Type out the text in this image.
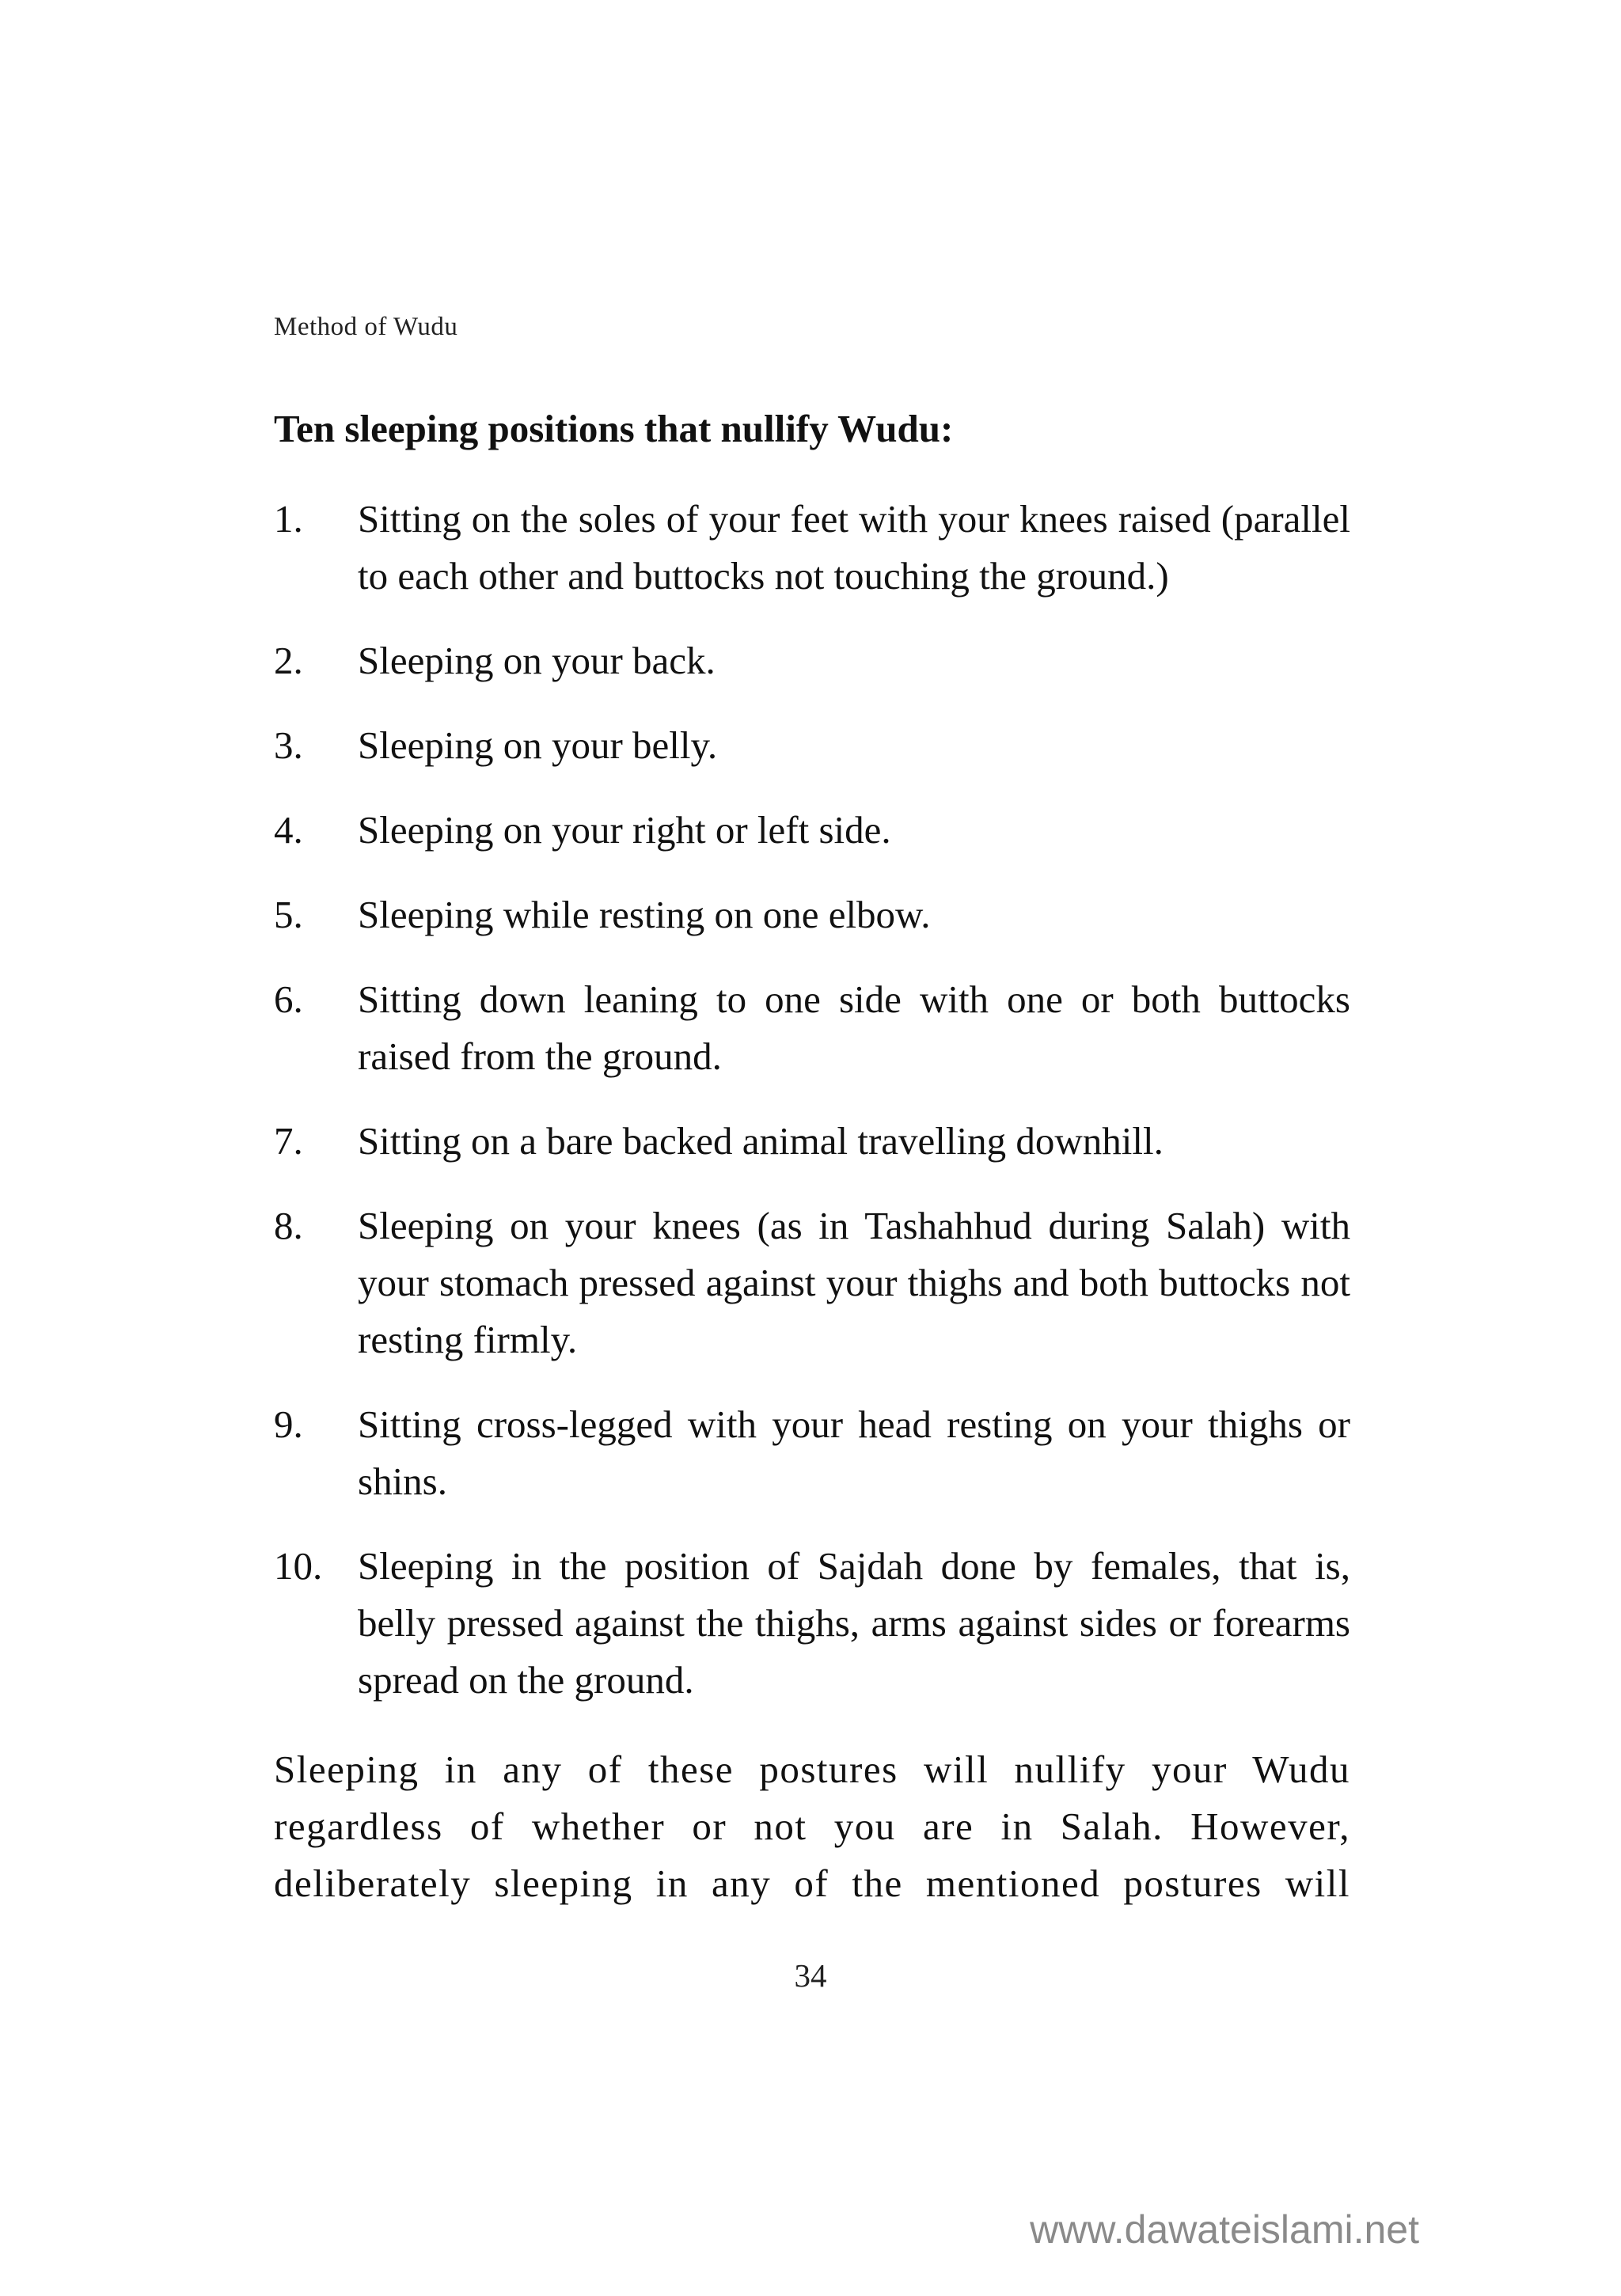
Method of Wudu
Ten sleeping positions that nullify Wudu:
1.	Sitting on the soles of your feet with your knees raised (parallel to each other and buttocks not touching the ground.)
2.	Sleeping on your back.
3.	Sleeping on your belly.
4.	Sleeping on your right or left side.
5.	Sleeping while resting on one elbow.
6.	Sitting down leaning to one side with one or both buttocks raised from the ground.
7.	Sitting on a bare backed animal travelling downhill.
8.	Sleeping on your knees (as in Tashahhud during Salah) with your stomach pressed against your thighs and both buttocks not resting firmly.
9.	Sitting cross-legged with your head resting on your thighs or shins.
10. Sleeping in the position of Sajdah done by females, that is, belly pressed against the thighs, arms against sides or forearms spread on the ground.

Sleeping in any of these postures will nullify your Wudu regardless of whether or not you are in Salah. However, deliberately sleeping in any of the mentioned postures will

34
www.dawateislami.net
